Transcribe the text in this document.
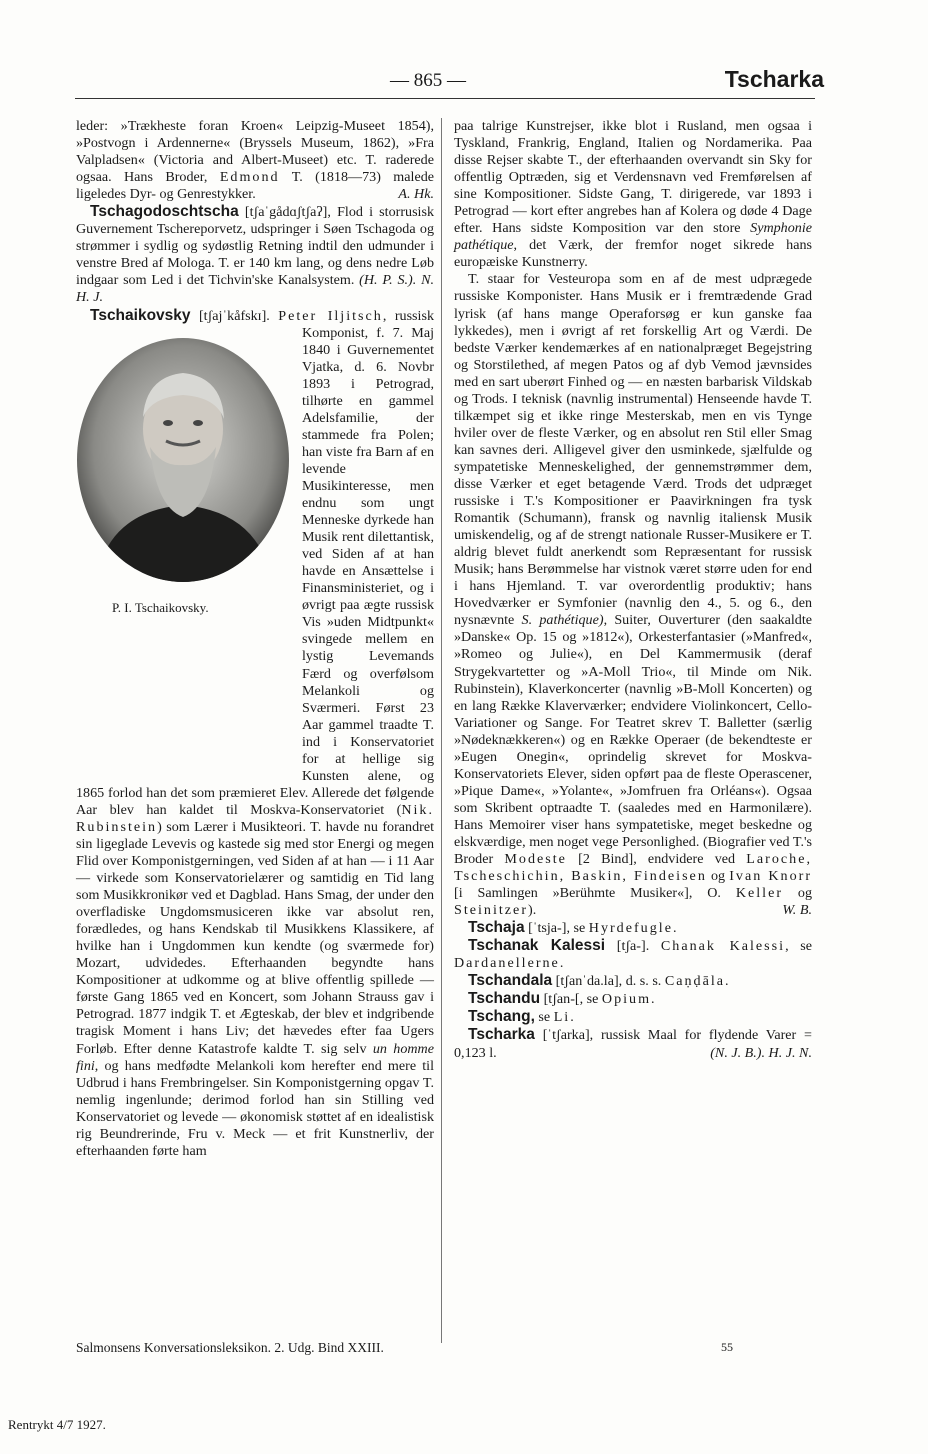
— 865 —	Tscharka

leder: »Trækheste foran Kroen« Leipzig-Museet 1854), »Postvogn i Ardennerne« (Bryssels Museum, 1862), »Fra Valpladsen« (Victoria and Albert-Museet) etc. T. raderede ogsaa. Hans Broder, Edmond T. (1818—73) malede ligeledes Dyr- og Genrestykker.	A. Hk.

Tschagodoschtscha [tʃaˈgådɑʃtʃaʔ], Flod i storrusisk Guvernement Tschereporvetz, udspringer i Søen Tschagoda og strømmer i sydlig og sydøstlig Retning indtil den udmunder i venstre Bred af Mologa. T. er 140 km lang, og dens nedre Løb indgaar som Led i det Tichvin'ske Kanalsystem. (H. P. S.). N. H. J.

Tschaikovsky [tʃajˈkåfskɪ]. Peter Iljitsch
P. I. Tschaikovsky.
, russisk Komponist, f. 7. Maj 1840 i Guvernementet Vjatka, d. 6. Novbr 1893 i Petrograd, tilhørte en gammel Adelsfamilie, der stammede fra Polen; han viste fra Barn af en levende Musikinteresse, men endnu som ungt Menneske dyrkede han Musik rent dilettantisk, ved Siden af at han havde en Ansættelse i Finansministeriet, og i øvrigt paa ægte russisk Vis »uden Midtpunkt« svingede mellem en lystig Levemands Færd og overfølsom Melankoli og Sværmeri. Først 23 Aar gammel traadte T. ind i Konservatoriet for at hellige sig Kunsten alene, og 1865 forlod han det som præmieret Elev. Allerede det følgende Aar blev han kaldet til Moskva-Konservatoriet (Nik. Rubinstein) som Lærer i Musikteori. T. havde nu forandret sin ligeglade Levevis og kastede sig med stor Energi og megen Flid over Komponistgerningen, ved Siden af at han — i 11 Aar — virkede som Konservatorielærer og samtidig en Tid lang som Musikkronikør ved et Dagblad. Hans Smag, der under den overfladiske Ungdomsmusiceren ikke var absolut ren, forædledes, og hans Kendskab til Musikkens Klassikere, af hvilke han i Ungdommen kun kendte (og sværmede for) Mozart, udvidedes. Efterhaanden begyndte hans Kompositioner at udkomme og at blive offentlig spillede — første Gang 1865 ved en Koncert, som Johann Strauss gav i Petrograd. 1877 indgik T. et Ægteskab, der blev et indgribende tragisk Moment i hans Liv; det hævedes efter faa Ugers Forløb. Efter denne Katastrofe kaldte T. sig selv un homme fini, og hans medfødte Melankoli kom herefter end mere til Udbrud i hans Frembringelser. Sin Komponistgerning opgav T. nemlig ingenlunde; derimod forlod han sin Stilling ved Konservatoriet og levede — økonomisk støttet af en idealistisk rig Beundrerinde, Fru v. Meck — et frit Kunstnerliv, der efterhaanden førte ham

paa talrige Kunstrejser, ikke blot i Rusland, men ogsaa i Tyskland, Frankrig, England, Italien og Nordamerika. Paa disse Rejser skabte T., der efterhaanden overvandt sin Sky for offentlig Optræden, sig et Verdensnavn ved Fremførelsen af sine Kompositioner. Sidste Gang, T. dirigerede, var 1893 i Petrograd — kort efter angrebes han af Kolera og døde 4 Dage efter. Hans sidste Komposition var den store Symphonie pathétique, det Værk, der fremfor noget sikrede hans europæiske Kunstnerry.

T. staar for Vesteuropa som en af de mest udprægede russiske Komponister. Hans Musik er i fremtrædende Grad lyrisk (af hans mange Operaforsøg er kun ganske faa lykkedes), men i øvrigt af ret forskellig Art og Værdi. De bedste Værker kendemærkes af en nationalpræget Begejstring og Storstilethed, af megen Patos og af dyb Vemod jævnsides med en sart uberørt Finhed og — en næsten barbarisk Vildskab og Trods. I teknisk (navnlig instrumental) Henseende havde T. tilkæmpet sig et ikke ringe Mesterskab, men en vis Tynge hviler over de fleste Værker, og en absolut ren Stil eller Smag kan savnes deri. Alligevel giver den usminkede, sjælfulde og sympatetiske Menneskelighed, der gennemstrømmer dem, disse Værker et eget betagende Værd. Trods det udpræget russiske i T.'s Kompositioner er Paavirkningen fra tysk Romantik (Schumann), fransk og navnlig italiensk Musik umiskendelig, og af de strengt nationale Russer-Musikere er T. aldrig blevet fuldt anerkendt som Repræsentant for russisk Musik; hans Berømmelse har vistnok været større uden for end i hans Hjemland. T. var overordentlig produktiv; hans Hovedværker er Symfonier (navnlig den 4., 5. og 6., den nysnævnte S. pathétique), Suiter, Ouverturer (den saakaldte »Danske« Op. 15 og »1812«), Orkesterfantasier (»Manfred«, »Romeo og Julie«), en Del Kammermusik (deraf Strygekvartetter og »A-Moll Trio«, til Minde om Nik. Rubinstein), Klaverkoncerter (navnlig »B-Moll Koncerten) og en lang Række Klaverværker; endvidere Violinkoncert, Cello-Variationer og Sange. For Teatret skrev T. Balletter (særlig »Nødeknækkeren«) og en Række Operaer (de bekendteste er »Eugen Onegin«, oprindelig skrevet for Moskva-Konservatoriets Elever, siden opført paa de fleste Operascener, »Pique Dame«, »Yolante«, »Jomfruen fra Orléans«). Ogsaa som Skribent optraadte T. (saaledes med en Harmonilære). Hans Memoirer viser hans sympatetiske, meget beskedne og elskværdige, men noget vege Personlighed. (Biografier ved T.'s Broder Modeste [2 Bind], endvidere ved Laroche, Tscheschichin, Baskin, Findeisen og Ivan Knorr [i Samlingen »Berühmte Musiker«], O. Keller og Steinitzer).	W. B.

Tschaja [ˈtsja-], se Hyrdefugle.

Tschanak Kalessi [tʃa-]. Chanak Kalessi, se Dardanellerne.

Tschandala [tʃanˈda.la], d. s. s. Caṇḍāla.

Tschandu [tʃan-[, se Opium.

Tschang, se Li.

Tscharka [ˈtʃarka], russisk Maal for flydende Varer = 0,123 l.	(N. J. B.). H. J. N.

Salmonsens Konversationsleksikon. 2. Udg. Bind XXIII.	55
Rentrykt 4/7 1927.
